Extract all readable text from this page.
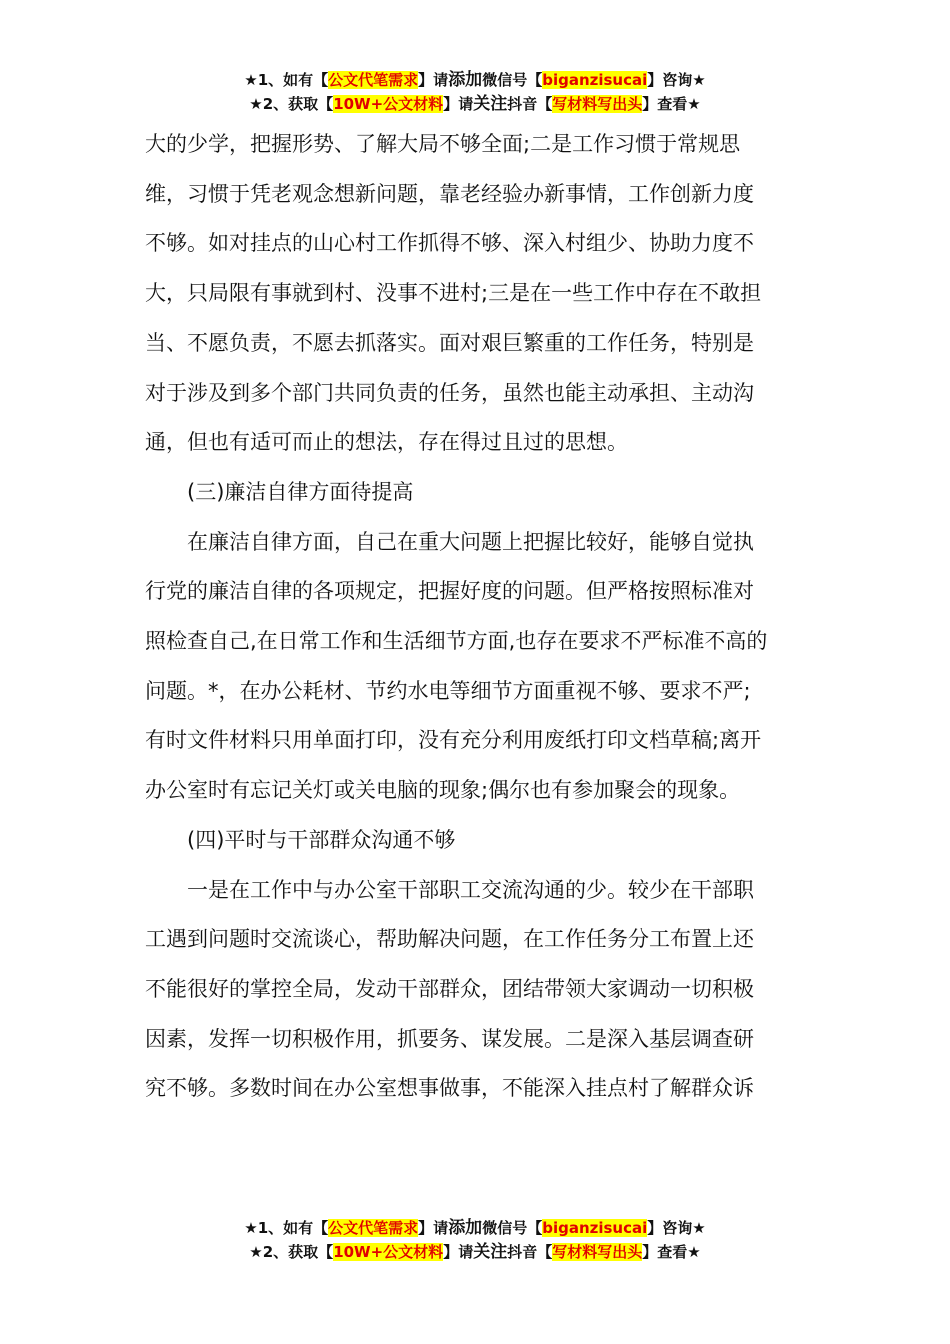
★1、如有【公文代笔需求】请添加微信号【biganzisucai】咨询★
★2、获取【10W+公文材料】请关注抖音【写材料写出头】查看★

大的少学，把握形势、了解大局不够全面;二是工作习惯于常规思
维，习惯于凭老观念想新问题，靠老经验办新事情，工作创新力度
不够。如对挂点的山心村工作抓得不够、深入村组少、协助力度不
大，只局限有事就到村、没事不进村;三是在一些工作中存在不敢担
当、不愿负责，不愿去抓落实。面对艰巨繁重的工作任务，特别是
对于涉及到多个部门共同负责的任务，虽然也能主动承担、主动沟
通，但也有适可而止的想法，存在得过且过的思想。

(三)廉洁自律方面待提高

在廉洁自律方面，自己在重大问题上把握比较好，能够自觉执

行党的廉洁自律的各项规定，把握好度的问题。但严格按照标准对
照检查自己,在日常工作和生活细节方面,也存在要求不严标准不高的
问题。*，在办公耗材、节约水电等细节方面重视不够、要求不严;
有时文件材料只用单面打印，没有充分利用废纸打印文档草稿;离开
办公室时有忘记关灯或关电脑的现象;偶尔也有参加聚会的现象。

(四)平时与干部群众沟通不够

一是在工作中与办公室干部职工交流沟通的少。较少在干部职

工遇到问题时交流谈心，帮助解决问题，在工作任务分工布置上还
不能很好的掌控全局，发动干部群众，团结带领大家调动一切积极
因素，发挥一切积极作用，抓要务、谋发展。二是深入基层调查研
究不够。多数时间在办公室想事做事，不能深入挂点村了解群众诉

★1、如有【公文代笔需求】请添加微信号【biganzisucai】咨询★
★2、获取【10W+公文材料】请关注抖音【写材料写出头】查看★
